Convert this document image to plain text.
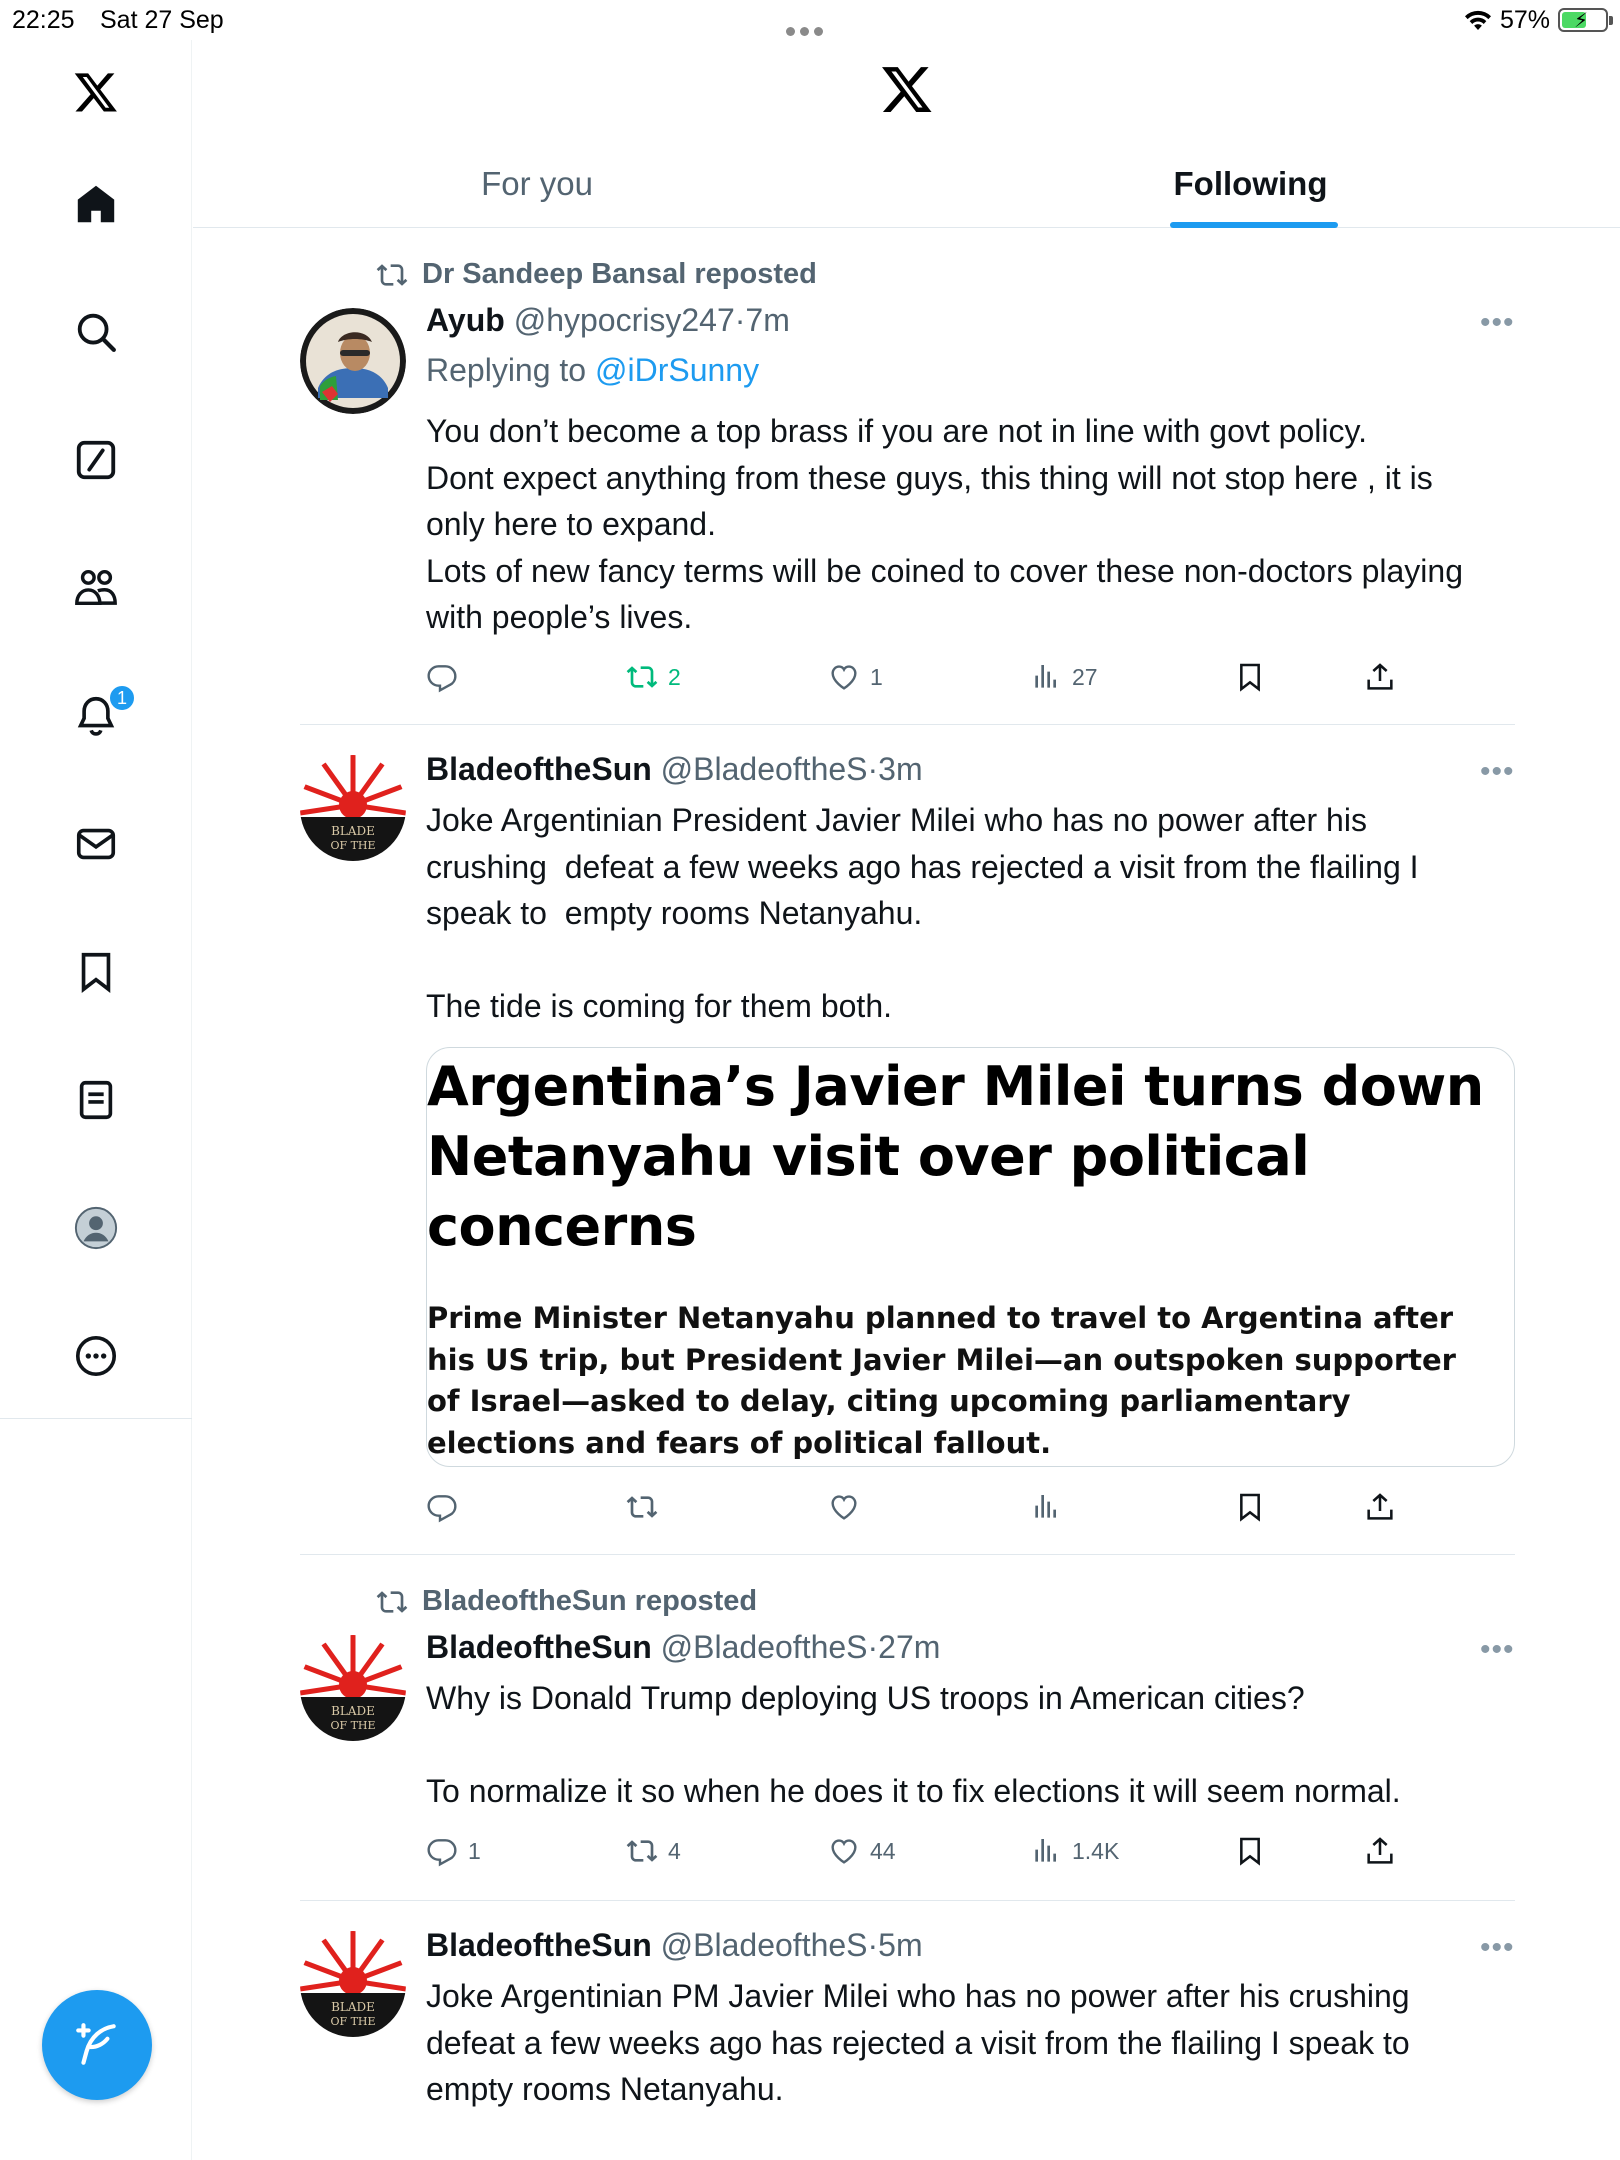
22:25 Sat 27 Sep	57% ⚡
1
For you	Following
Dr Sandeep Bansal reposted
Ayub @hypocrisy247·7m	•••
Replying to @iDrSunny
You don’t become a top brass if you are not in line with govt policy.
Dont expect anything from these guys, this thing will not stop here , it is only here to expand.
Lots of new fancy terms will be coined to cover these non-doctors playing with people’s lives.
2	1	27
BLADE
OF THE
BladeoftheSun @BladeoftheS·3m	•••
Joke Argentinian President Javier Milei who has no power after his crushing  defeat a few weeks ago has rejected a visit from the flailing I speak to  empty rooms Netanyahu.

The tide is coming for them both.
Argentina’s Javier Milei turns down Netanyahu visit over political concerns
Prime Minister Netanyahu planned to travel to Argentina after his US trip, but President Javier Milei—an outspoken supporter of Israel—asked to delay, citing upcoming parliamentary elections and fears of political fallout.
BladeoftheSun reposted
BLADE
OF THE
BladeoftheSun @BladeoftheS·27m	•••
Why is Donald Trump deploying US troops in American cities?

To normalize it so when he does it to fix elections it will seem normal.
1	4	44	1.4K
BLADE
OF THE
BladeoftheSun @BladeoftheS·5m	•••
Joke Argentinian PM Javier Milei who has no power after his crushing defeat a few weeks ago has rejected a visit from the flailing I speak to empty rooms Netanyahu.
